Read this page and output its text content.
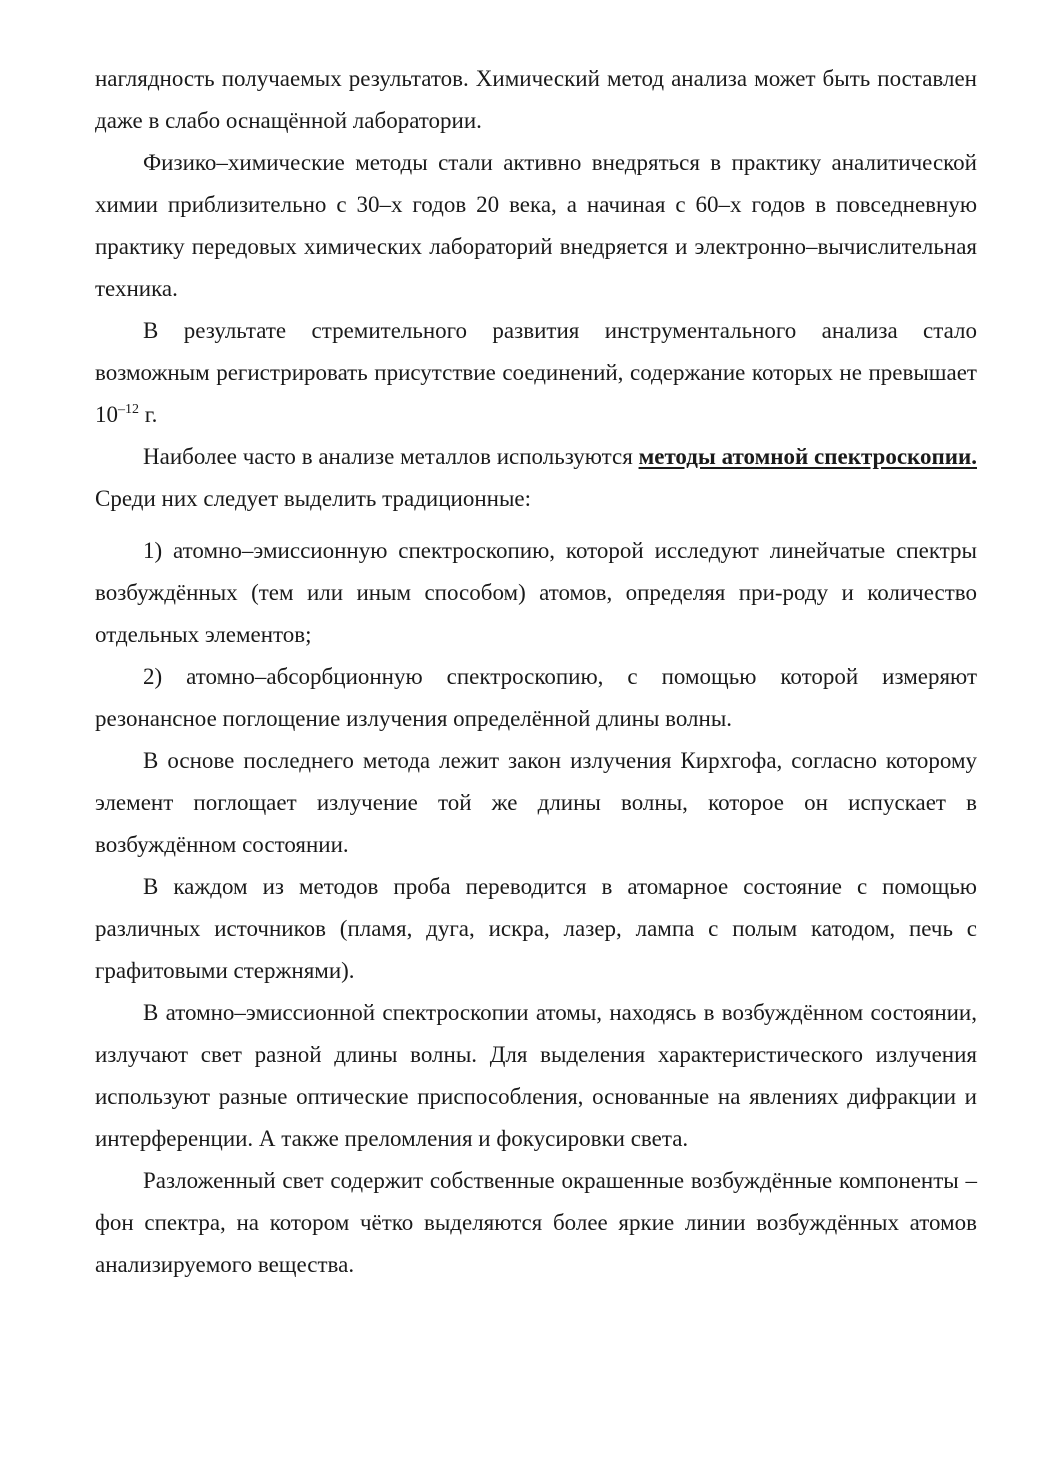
наглядность получаемых результатов. Химический метод анализа может быть поставлен даже в слабо оснащённой лаборатории.

Физико–химические методы стали активно внедряться в практику аналитической химии приблизительно с 30–х годов 20 века, а начиная с 60–х годов в повседневную практику передовых химических лабораторий внедряется и электронно–вычислительная техника.

В результате стремительного развития инструментального анализа стало возможным регистрировать присутствие соединений, содержание которых не превышает $10^{-12}$ г.

Наиболее часто в анализе металлов используются методы атомной спектроскопии. Среди них следует выделить традиционные:

1) атомно–эмиссионную спектроскопию, которой исследуют линейчатые спектры возбуждённых (тем или иным способом) атомов, определяя при-роду и количество отдельных элементов;

2) атомно–абсорбционную спектроскопию, с помощью которой измеряют резонансное поглощение излучения определённой длины волны.

В основе последнего метода лежит закон излучения Кирхгофа, согласно которому элемент поглощает излучение той же длины волны, которое он испускает в возбуждённом состоянии.

В каждом из методов проба переводится в атомарное состояние с помощью различных источников (пламя, дуга, искра, лазер, лампа с полым катодом, печь с графитовыми стержнями).

В атомно–эмиссионной спектроскопии атомы, находясь в возбуждённом состоянии, излучают свет разной длины волны. Для выделения характеристического излучения используют разные оптические приспособления, основанные на явлениях дифракции и интерференции. А также преломления и фокусировки света.

Разложенный свет содержит собственные окрашенные возбуждённые компоненты – фон спектра, на котором чётко выделяются более яркие линии возбуждённых атомов анализируемого вещества.
